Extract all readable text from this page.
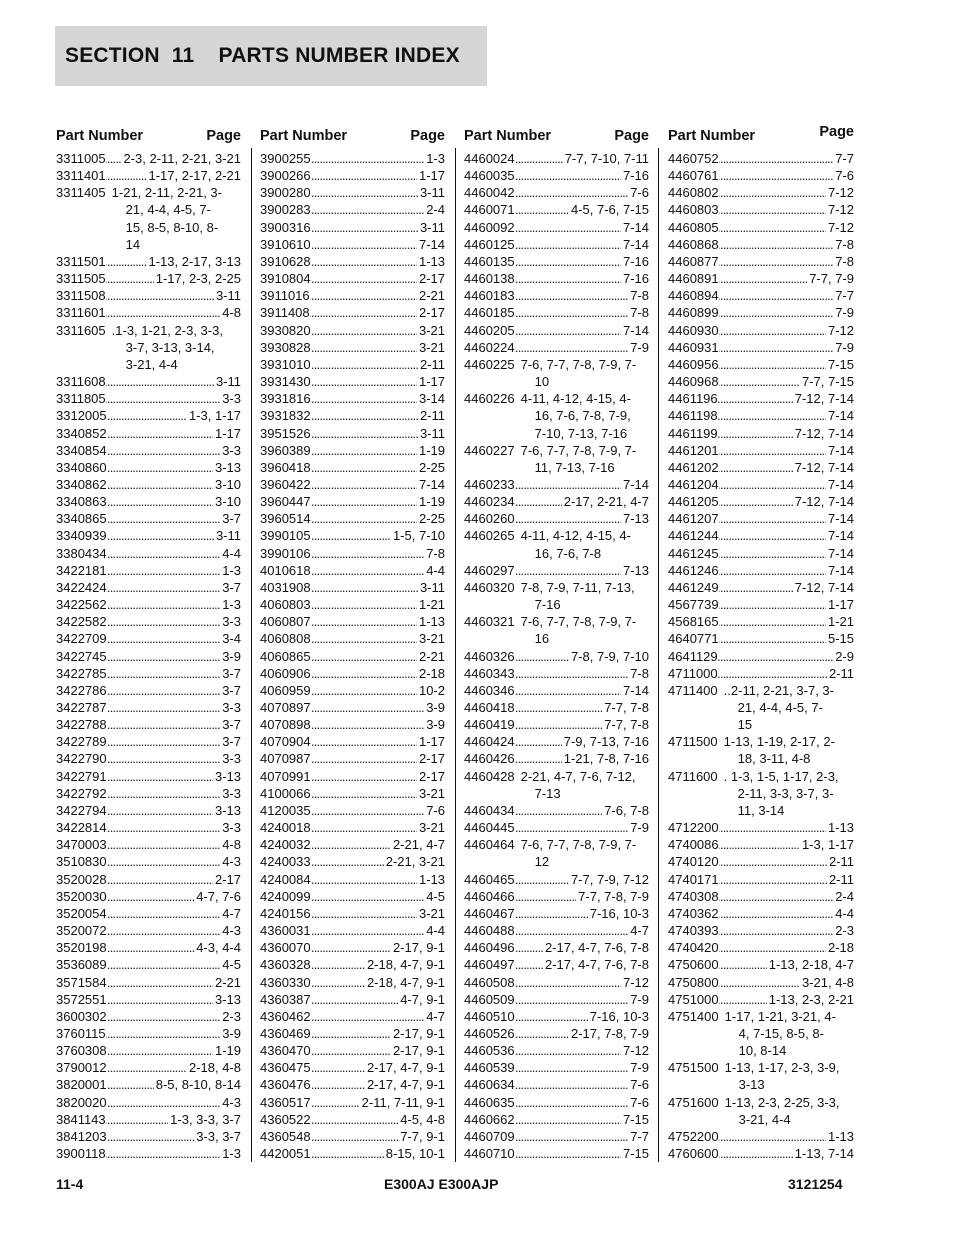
SECTION  11    PARTS NUMBER INDEX
Part Number	Page
3311005	. . . 2-3, 2-11, 2-21, 3-21
3311401	. . . 1-17, 2-17, 2-21
3311405 1-21, 2-11, 2-21, 3-
21, 4-4, 4-5, 7-
15, 8-5, 8-10, 8-
14
3311501	. . . 1-13, 2-17, 3-13
3311505	. . . 1-17, 2-3, 2-25
3311508	. . . 3-11
3311601	. . . 4-8
3311605 .1-3, 1-21, 2-3, 3-3,
3-7, 3-13, 3-14,
3-21, 4-4
3311608	. . . 3-11
3311805	. . . 3-3
3312005	. . . 1-3, 1-17
3340852	. . . 1-17
3340854	. . . 3-3
3340860	. . . 3-13
3340862	. . . 3-10
3340863	. . . 3-10
3340865	. . . 3-7
3340939	. . . 3-11
3380434	. . . 4-4
3422181	. . . 1-3
3422424	. . . 3-7
3422562	. . . 1-3
3422582	. . . 3-3
3422709	. . . 3-4
3422745	. . . 3-9
3422785	. . . 3-7
3422786	. . . 3-7
3422787	. . . 3-3
3422788	. . . 3-7
3422789	. . . 3-7
3422790	. . . 3-3
3422791	. . . 3-13
3422792	. . . 3-3
3422794	. . . 3-13
3422814	. . . 3-3
3470003	. . . 4-8
3510830	. . . 4-3
3520028	. . . 2-17
3520030	. . . 4-7, 7-6
3520054	. . . 4-7
3520072	. . . 4-3
3520198	. . . 4-3, 4-4
3536089	. . . 4-5
3571584	. . . 2-21
3572551	. . . 3-13
3600302	. . . 2-3
3760115	. . . 3-9
3760308	. . . 1-19
3790012	. . . 2-18, 4-8
3820001	. . . 8-5, 8-10, 8-14
3820020	. . . 4-3
3841143	. . . 1-3, 3-3, 3-7
3841203	. . . 3-3, 3-7
3900118	. . . 1-3
Part Number	Page
3900255	. . . 1-3
3900266	. . . 1-17
3900280	. . . 3-11
3900283	. . . 2-4
3900316	. . . 3-11
3910610	. . . 7-14
3910628	. . . 1-13
3910804	. . . 2-17
3911016	. . . 2-21
3911408	. . . 2-17
3930820	. . . 3-21
3930828	. . . 3-21
3931010	. . . 2-11
3931430	. . . 1-17
3931816	. . . 3-14
3931832	. . . 2-11
3951526	. . . 3-11
3960389	. . . 1-19
3960418	. . . 2-25
3960422	. . . 7-14
3960447	. . . 1-19
3960514	. . . 2-25
3990105	. . . 1-5, 7-10
3990106	. . . 7-8
4010618	. . . 4-4
4031908	. . . 3-11
4060803	. . . 1-21
4060807	. . . 1-13
4060808	. . . 3-21
4060865	. . . 2-21
4060906	. . . 2-18
4060959	. . . 10-2
4070897	. . . 3-9
4070898	. . . 3-9
4070904	. . . 1-17
4070987	. . . 2-17
4070991	. . . 2-17
4100066	. . . 3-21
4120035	. . . 7-6
4240018	. . . 3-21
4240032	. . . 2-21, 4-7
4240033	. . . 2-21, 3-21
4240084	. . . 1-13
4240099	. . . 4-5
4240156	. . . 3-21
4360031	. . . 4-4
4360070	. . . 2-17, 9-1
4360328	. . . 2-18, 4-7, 9-1
4360330	. . . 2-18, 4-7, 9-1
4360387	. . . 4-7, 9-1
4360462	. . . 4-7
4360469	. . . 2-17, 9-1
4360470	. . . 2-17, 9-1
4360475	. . . 2-17, 4-7, 9-1
4360476	. . . 2-17, 4-7, 9-1
4360517	. . . 2-11, 7-11, 9-1
4360522	. . . 4-5, 4-8
4360548	. . . 7-7, 9-1
4420051	. . . 8-15, 10-1
Part Number	Page
4460024	. . . 7-7, 7-10, 7-11
4460035	. . . 7-16
4460042	. . . 7-6
4460071	. . . 4-5, 7-6, 7-15
4460092	. . . 7-14
4460125	. . . 7-14
4460135	. . . 7-16
4460138	. . . 7-16
4460183	. . . 7-8
4460185	. . . 7-8
4460205	. . . 7-14
4460224	. . . 7-9
4460225 7-6, 7-7, 7-8, 7-9, 7-
10
4460226 4-11, 4-12, 4-15, 4-
16, 7-6, 7-8, 7-9,
7-10, 7-13, 7-16
4460227 7-6, 7-7, 7-8, 7-9, 7-
11, 7-13, 7-16
4460233	. . . 7-14
4460234	. . . 2-17, 2-21, 4-7
4460260	. . . 7-13
4460265 4-11, 4-12, 4-15, 4-
16, 7-6, 7-8
4460297	. . . 7-13
4460320 7-8, 7-9, 7-11, 7-13,
7-16
4460321 7-6, 7-7, 7-8, 7-9, 7-
16
4460326	. . . 7-8, 7-9, 7-10
4460343	. . . 7-8
4460346	. . . 7-14
4460418	. . . 7-7, 7-8
4460419	. . . 7-7, 7-8
4460424	. . . 7-9, 7-13, 7-16
4460426	. . . 1-21, 7-8, 7-16
4460428 2-21, 4-7, 7-6, 7-12,
7-13
4460434	. . . 7-6, 7-8
4460445	. . . 7-9
4460464 7-6, 7-7, 7-8, 7-9, 7-
12
4460465	. . . 7-7, 7-9, 7-12
4460466	. . . 7-7, 7-8, 7-9
4460467	. . . 7-16, 10-3
4460488	. . . 4-7
4460496	. . . 2-17, 4-7, 7-6, 7-8
4460497	. . . 2-17, 4-7, 7-6, 7-8
4460508	. . . 7-12
4460509	. . . 7-9
4460510	. . . 7-16, 10-3
4460526	. . . 2-17, 7-8, 7-9
4460536	. . . 7-12
4460539	. . . 7-9
4460634	. . . 7-6
4460635	. . . 7-6
4460662	. . . 7-15
4460709	. . . 7-7
4460710	. . . 7-15
Part Number	Page
4460752	. . . 7-7
4460761	. . . 7-6
4460802	. . . 7-12
4460803	. . . 7-12
4460805	. . . 7-12
4460868	. . . 7-8
4460877	. . . 7-8
4460891	. . . 7-7, 7-9
4460894	. . . 7-7
4460899	. . . 7-9
4460930	. . . 7-12
4460931	. . . 7-9
4460956	. . . 7-15
4460968	. . . 7-7, 7-15
4461196	. . . 7-12, 7-14
4461198	. . . 7-14
4461199	. . . 7-12, 7-14
4461201	. . . 7-14
4461202	. . . 7-12, 7-14
4461204	. . . 7-14
4461205	. . . 7-12, 7-14
4461207	. . . 7-14
4461244	. . . 7-14
4461245	. . . 7-14
4461246	. . . 7-14
4461249	. . . 7-12, 7-14
4567739	. . . 1-17
4568165	. . . 1-21
4640771	. . . 5-15
4641129	. . . 2-9
4711000	. . . 2-11
4711400 ..2-11, 2-21, 3-7, 3-
21, 4-4, 4-5, 7-
15
4711500 1-13, 1-19, 2-17, 2-
18, 3-11, 4-8
4711600 . 1-3, 1-5, 1-17, 2-3,
2-11, 3-3, 3-7, 3-
11, 3-14
4712200	. . . 1-13
4740086	. . . 1-3, 1-17
4740120	. . . 2-11
4740171	. . . 2-11
4740308	. . . 2-4
4740362	. . . 4-4
4740393	. . . 2-3
4740420	. . . 2-18
4750600	. . . 1-13, 2-18, 4-7
4750800	. . . 3-21, 4-8
4751000	. . . 1-13, 2-3, 2-21
4751400 1-17, 1-21, 3-21, 4-
4, 7-15, 8-5, 8-
10, 8-14
4751500 1-13, 1-17, 2-3, 3-9,
3-13
4751600 1-13, 2-3, 2-25, 3-3,
3-21, 4-4
4752200	. . . 1-13
4760600	. . . 1-13, 7-14
11-4	E300AJ E300AJP	3121254
